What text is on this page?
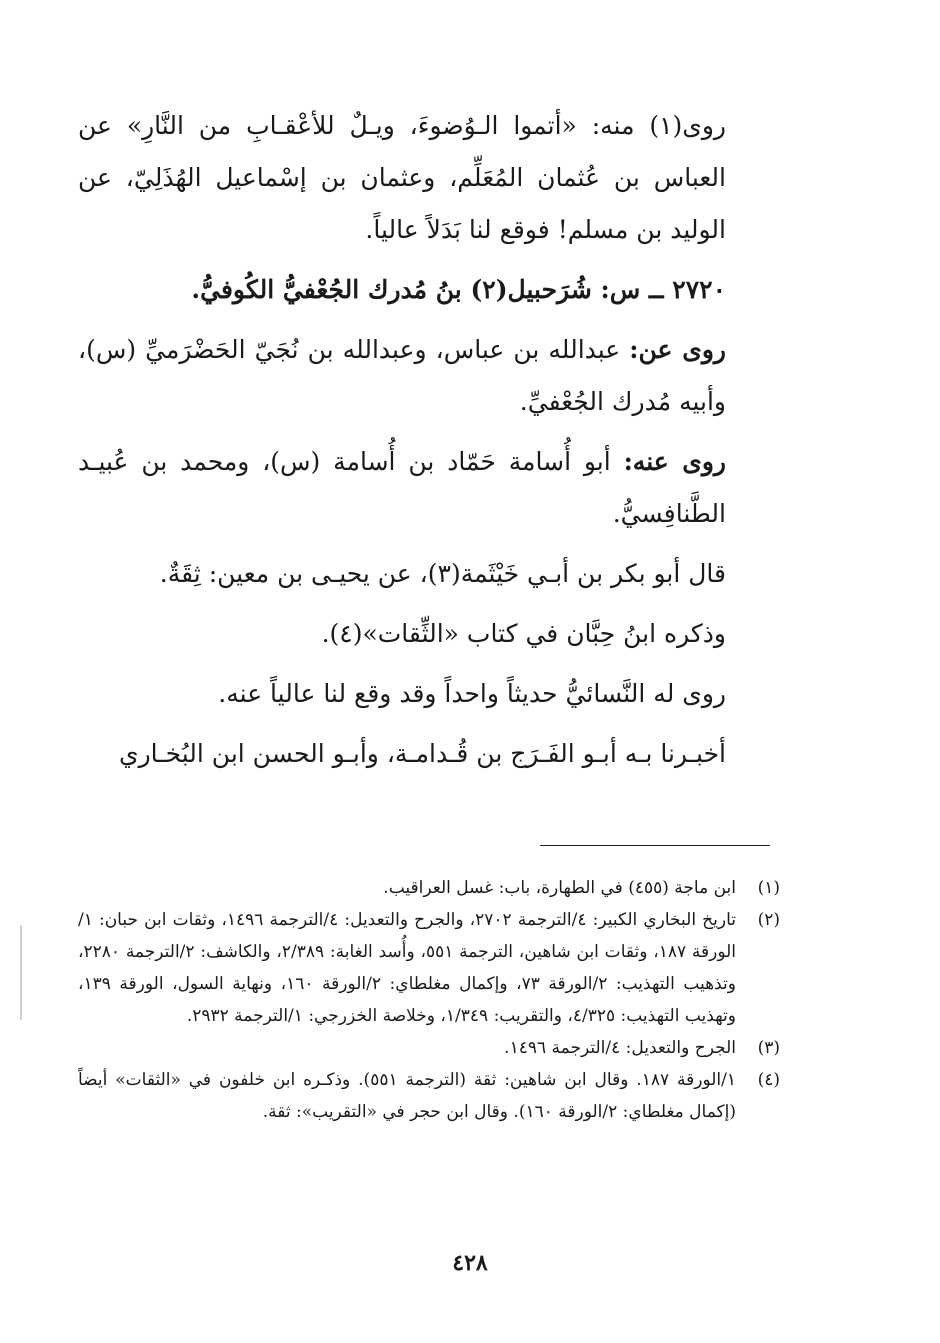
روى(١) منه: «أتموا الـوُضوءَ، ويـلٌ للأعْقـابِ من النَّارِ» عن العباس بن عُثمان المُعَلِّم، وعثمان بن إسْماعيل الهُذَلِيّ، عن الوليد بن مسلم! فوقع لنا بَدَلاً عالياً.

٢٧٢٠ ــ س: شُرَحبيل(٢) بنُ مُدرك الجُعْفيُّ الكُوفيُّ.

روى عن: عبدالله بن عباس، وعبدالله بن نُجَيّ الحَضْرَميِّ (س)، وأبيه مُدرك الجُعْفيِّ.

روى عنه: أبو أُسامة حَمّاد بن أُسامة (س)، ومحمد بن عُبيـد الطَّنافِسيُّ.

قال أبو بكر بن أبـي خَيْثَمة(٣)، عن يحيـى بن معين: ثِقَةٌ.

وذكره ابنُ حِبَّان في كتاب «الثِّقات»(٤).

روى له النَّسائيُّ حديثاً واحداً وقد وقع لنا عالياً عنه.

أخبـرنا بـه أبـو الفَـرَج بن قُـدامـة، وأبـو الحسن ابن البُخـاري

(١)
ابن ماجة (٤٥٥) في الطهارة، باب: غسل العراقيب.
(٢)
تاريخ البخاري الكبير: ٤/الترجمة ٢٧٠٢، والجرح والتعديل: ٤/الترجمة ١٤٩٦، وثقات ابن حبان: ١/الورقة ١٨٧، وثقات ابن شاهين، الترجمة ٥٥١، وأُسد الغابة: ٢/٣٨٩، والكاشف: ٢/الترجمة ٢٢٨٠، وتذهيب التهذيب: ٢/الورقة ٧٣، وإكمال مغلطاي: ٢/الورقة ١٦٠، ونهاية السول، الورقة ١٣٩، وتهذيب التهذيب: ٤/٣٢٥، والتقريب: ١/٣٤٩، وخلاصة الخزرجي: ١/الترجمة ٢٩٣٢.
(٣)
الجرح والتعديل: ٤/الترجمة ١٤٩٦.
(٤)
١/الورقة ١٨٧. وقال ابن شاهين: ثقة (الترجمة ٥٥١). وذكـره ابن خلفون في «الثقات» أيضاً (إكمال مغلطاي: ٢/الورقة ١٦٠). وقال ابن حجر في «التقريب»: ثقة.
٤٢٨
